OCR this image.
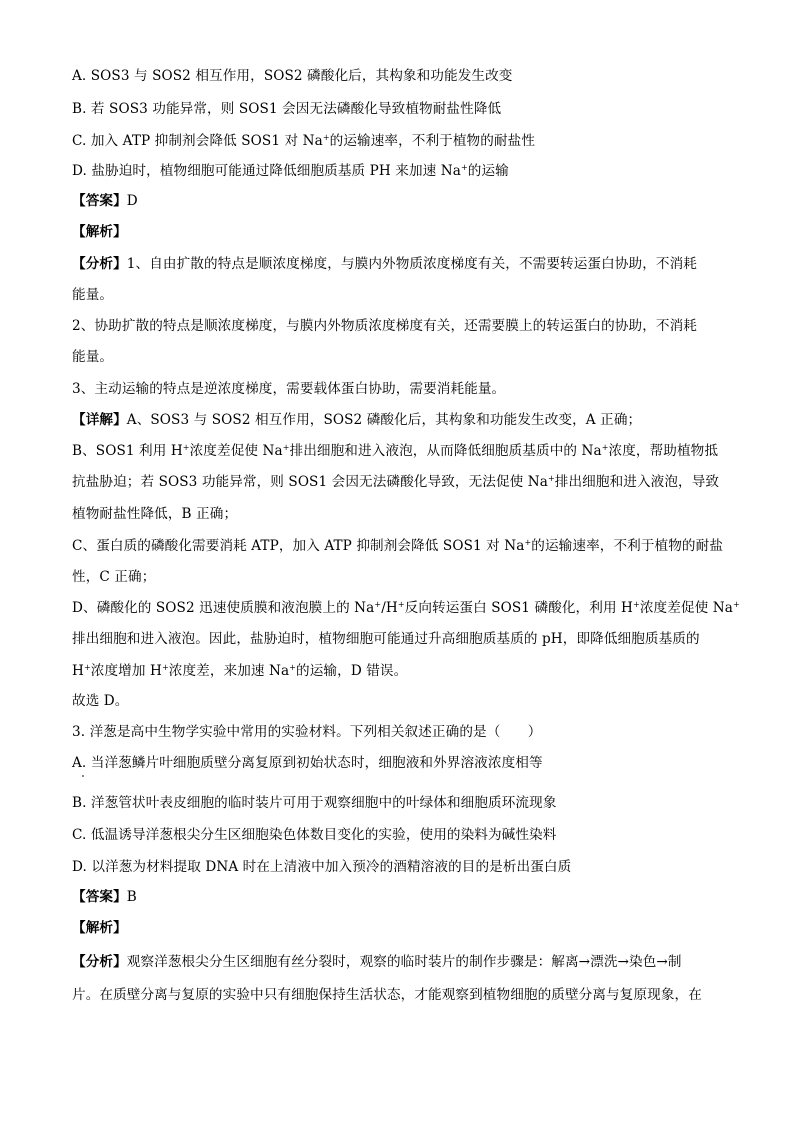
A. SOS3 与 SOS2 相互作用，SOS2 磷酸化后，其构象和功能发生改变
B. 若 SOS3 功能异常，则 SOS1 会因无法磷酸化导致植物耐盐性降低
C. 加入 ATP 抑制剂会降低 SOS1 对 Na+的运输速率，不利于植物的耐盐性
D. 盐胁迫时，植物细胞可能通过降低细胞质基质 PH 来加速 Na+的运输
【答案】D
【解析】
【分析】1、自由扩散的特点是顺浓度梯度，与膜内外物质浓度梯度有关，不需要转运蛋白协助，不消耗
能量。
2、协助扩散的特点是顺浓度梯度，与膜内外物质浓度梯度有关，还需要膜上的转运蛋白的协助，不消耗
能量。
3、主动运输的特点是逆浓度梯度，需要载体蛋白协助，需要消耗能量。
【详解】A、SOS3 与 SOS2 相互作用，SOS2 磷酸化后，其构象和功能发生改变，A 正确；
B、SOS1 利用 H+浓度差促使 Na+排出细胞和进入液泡，从而降低细胞质基质中的 Na+浓度，帮助植物抵
抗盐胁迫；若 SOS3 功能异常，则 SOS1 会因无法磷酸化导致，无法促使 Na+排出细胞和进入液泡，导致
植物耐盐性降低，B 正确；
C、蛋白质的磷酸化需要消耗 ATP，加入 ATP 抑制剂会降低 SOS1 对 Na+的运输速率，不利于植物的耐盐
性，C 正确；
D、磷酸化的 SOS2 迅速使质膜和液泡膜上的 Na+/H+反向转运蛋白 SOS1 磷酸化，利用 H+浓度差促使 Na+
排出细胞和进入液泡。因此，盐胁迫时，植物细胞可能通过升高细胞质基质的 pH，即降低细胞质基质的
H+浓度增加 H+浓度差，来加速 Na+的运输，D 错误。
故选 D。
3. 洋葱是高中生物学实验中常用的实验材料。下列相关叙述正确的是（　　）
A. 当洋葱鳞片叶细胞质壁分离复原到初始状态时，细胞液和外界溶液浓度相等
B. 洋葱管状叶表皮细胞的临时装片可用于观察细胞中的叶绿体和细胞质环流现象
C. 低温诱导洋葱根尖分生区细胞染色体数目变化的实验，使用的染料为碱性染料
D. 以洋葱为材料提取 DNA 时在上清液中加入预冷的酒精溶液的目的是析出蛋白质
【答案】B
【解析】
【分析】观察洋葱根尖分生区细胞有丝分裂时，观察的临时装片的制作步骤是：解离→漂洗→染色→制
片。在质壁分离与复原的实验中只有细胞保持生活状态，才能观察到植物细胞的质壁分离与复原现象，在
